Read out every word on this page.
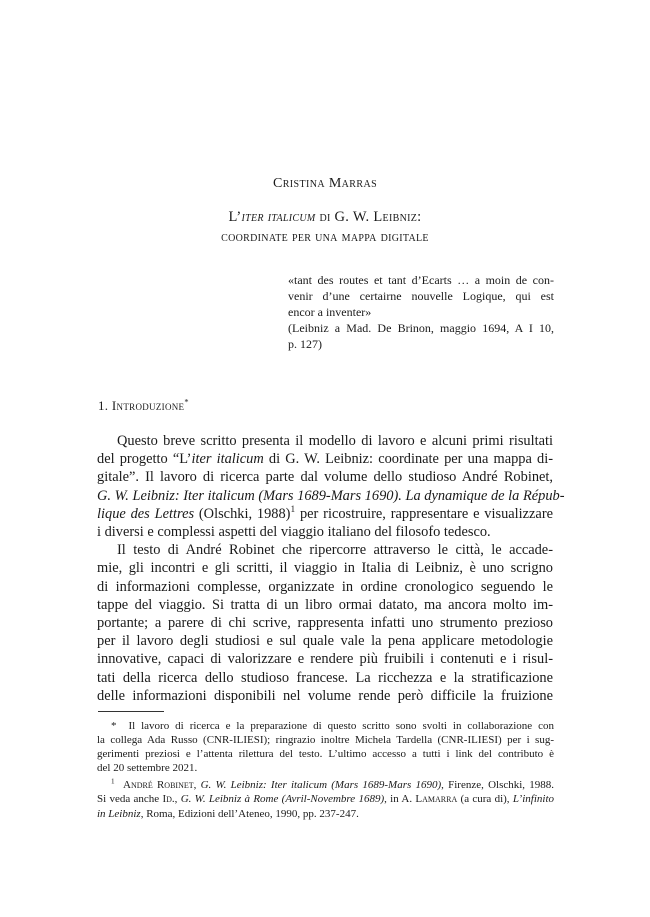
Cristina Marras
L’iter italicum di G. W. Leibniz:
coordinate per una mappa digitale
«tant des routes et tant d’Ecarts … a moin de con-
venir d’une certairne nouvelle Logique, qui est
encor a inventer»
(Leibniz a Mad. De Brinon, maggio 1694, A I 10,
p. 127)
1. Introduzione*
Questo breve scritto presenta il modello di lavoro e alcuni primi risultati
del progetto “L’iter italicum di G. W. Leibniz: coordinate per una mappa di-
gitale”. Il lavoro di ricerca parte dal volume dello studioso André Robinet,
G. W. Leibniz: Iter italicum (Mars 1689-Mars 1690). La dynamique de la Répub-
lique des Lettres (Olschki, 1988)$^1$ per ricostruire, rappresentare e visualizzare
i diversi e complessi aspetti del viaggio italiano del filosofo tedesco.
Il testo di André Robinet che ripercorre attraverso le città, le accade-
mie, gli incontri e gli scritti, il viaggio in Italia di Leibniz, è uno scrigno
di informazioni complesse, organizzate in ordine cronologico seguendo le
tappe del viaggio. Si tratta di un libro ormai datato, ma ancora molto im-
portante; a parere di chi scrive, rappresenta infatti uno strumento prezioso
per il lavoro degli studiosi e sul quale vale la pena applicare metodologie
innovative, capaci di valorizzare e rendere più fruibili i contenuti e i risul-
tati della ricerca dello studioso francese. La ricchezza e la stratificazione
delle informazioni disponibili nel volume rende però difficile la fruizione
* Il lavoro di ricerca e la preparazione di questo scritto sono svolti in collaborazione con
la collega Ada Russo (CNR-ILIESI); ringrazio inoltre Michela Tardella (CNR-ILIESI) per i sug-
gerimenti preziosi e l’attenta rilettura del testo. L’ultimo accesso a tutti i link del contributo è
del 20 settembre 2021.
$^1$ André Robinet, G. W. Leibniz: Iter italicum (Mars 1689-Mars 1690), Firenze, Olschki, 1988.
Si veda anche Id., G. W. Leibniz à Rome (Avril-Novembre 1689), in A. Lamarra (a cura di), L’infinito
in Leibniz, Roma, Edizioni dell’Ateneo, 1990, pp. 237-247.
